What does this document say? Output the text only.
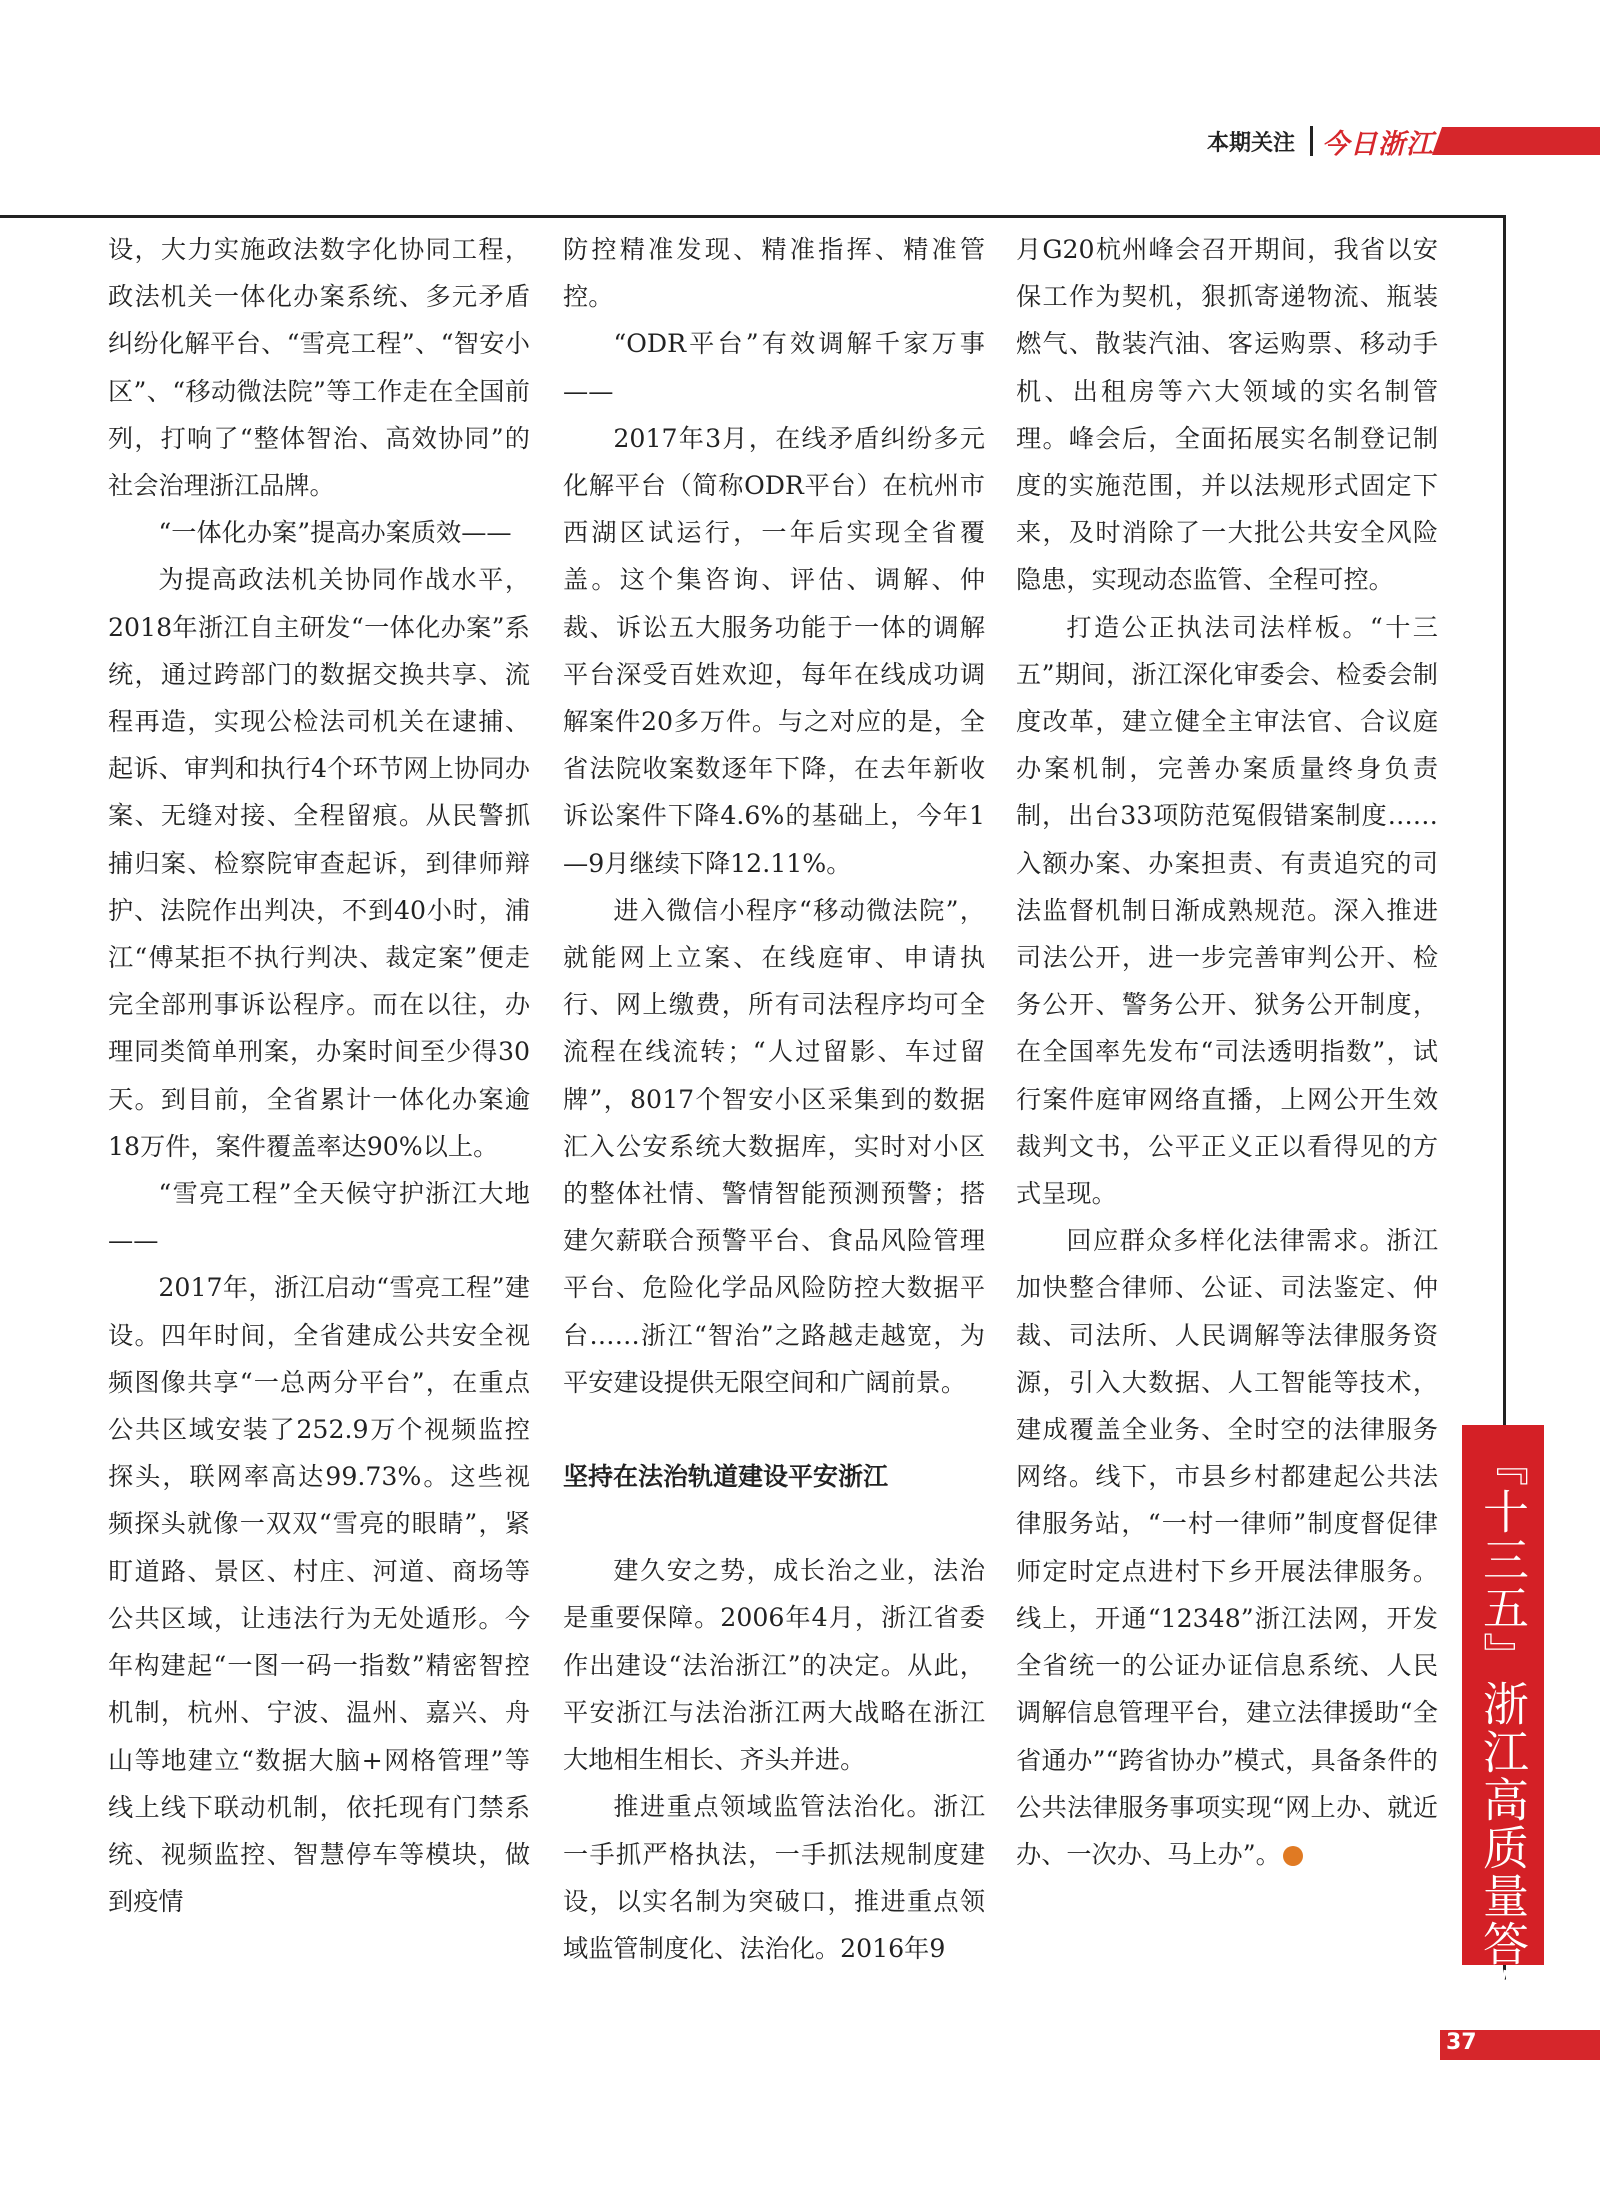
本期关注 今日浙江

设，大力实施政法数字化协同工程，政法机关一体化办案系统、多元矛盾纠纷化解平台、“雪亮工程”、“智安小区”、“移动微法院”等工作走在全国前列，打响了“整体智治、高效协同”的社会治理浙江品牌。

“一体化办案”提高办案质效——

为提高政法机关协同作战水平，2018年浙江自主研发“一体化办案”系统，通过跨部门的数据交换共享、流程再造，实现公检法司机关在逮捕、起诉、审判和执行4个环节网上协同办案、无缝对接、全程留痕。从民警抓捕归案、检察院审查起诉，到律师辩护、法院作出判决，不到40小时，浦江“傅某拒不执行判决、裁定案”便走完全部刑事诉讼程序。而在以往，办理同类简单刑案，办案时间至少得30天。到目前，全省累计一体化办案逾18万件，案件覆盖率达90%以上。

“雪亮工程”全天候守护浙江大地——

2017年，浙江启动“雪亮工程”建设。四年时间，全省建成公共安全视频图像共享“一总两分平台”，在重点公共区域安装了252.9万个视频监控探头，联网率高达99.73%。这些视频探头就像一双双“雪亮的眼睛”，紧盯道路、景区、村庄、河道、商场等公共区域，让违法行为无处遁形。今年构建起“一图一码一指数”精密智控机制，杭州、宁波、温州、嘉兴、舟山等地建立“数据大脑+网格管理”等线上线下联动机制，依托现有门禁系统、视频监控、智慧停车等模块，做到疫情

防控精准发现、精准指挥、精准管控。

“ODR平台”有效调解千家万事——

2017年3月，在线矛盾纠纷多元化解平台（简称ODR平台）在杭州市西湖区试运行，一年后实现全省覆盖。这个集咨询、评估、调解、仲裁、诉讼五大服务功能于一体的调解平台深受百姓欢迎，每年在线成功调解案件20多万件。与之对应的是，全省法院收案数逐年下降，在去年新收诉讼案件下降4.6%的基础上，今年1—9月继续下降12.11%。

进入微信小程序“移动微法院”，就能网上立案、在线庭审、申请执行、网上缴费，所有司法程序均可全流程在线流转；“人过留影、车过留牌”，8017个智安小区采集到的数据汇入公安系统大数据库，实时对小区的整体社情、警情智能预测预警；搭建欠薪联合预警平台、食品风险管理平台、危险化学品风险防控大数据平台……浙江“智治”之路越走越宽，为平安建设提供无限空间和广阔前景。

坚持在法治轨道建设平安浙江

建久安之势，成长治之业，法治是重要保障。2006年4月，浙江省委作出建设“法治浙江”的决定。从此，平安浙江与法治浙江两大战略在浙江大地相生相长、齐头并进。

推进重点领域监管法治化。浙江一手抓严格执法，一手抓法规制度建设，以实名制为突破口，推进重点领域监管制度化、法治化。2016年9

月G20杭州峰会召开期间，我省以安保工作为契机，狠抓寄递物流、瓶装燃气、散装汽油、客运购票、移动手机、出租房等六大领域的实名制管理。峰会后，全面拓展实名制登记制度的实施范围，并以法规形式固定下来，及时消除了一大批公共安全风险隐患，实现动态监管、全程可控。

打造公正执法司法样板。“十三五”期间，浙江深化审委会、检委会制度改革，建立健全主审法官、合议庭办案机制，完善办案质量终身负责制，出台33项防范冤假错案制度……入额办案、办案担责、有责追究的司法监督机制日渐成熟规范。深入推进司法公开，进一步完善审判公开、检务公开、警务公开、狱务公开制度，在全国率先发布“司法透明指数”，试行案件庭审网络直播，上网公开生效裁判文书，公平正义正以看得见的方式呈现。

回应群众多样化法律需求。浙江加快整合律师、公证、司法鉴定、仲裁、司法所、人民调解等法律服务资源，引入大数据、人工智能等技术，建成覆盖全业务、全时空的法律服务网络。线下，市县乡村都建起公共法律服务站，“一村一律师”制度督促律师定时定点进村下乡开展法律服务。线上，开通“12348”浙江法网，开发全省统一的公证办证信息系统、人民调解信息管理平台，建立法律援助“全省通办”“跨省协办”模式，具备条件的公共法律服务事项实现“网上办、就近办、一次办、马上办”。	『十三五』浙江高质量答卷
37
